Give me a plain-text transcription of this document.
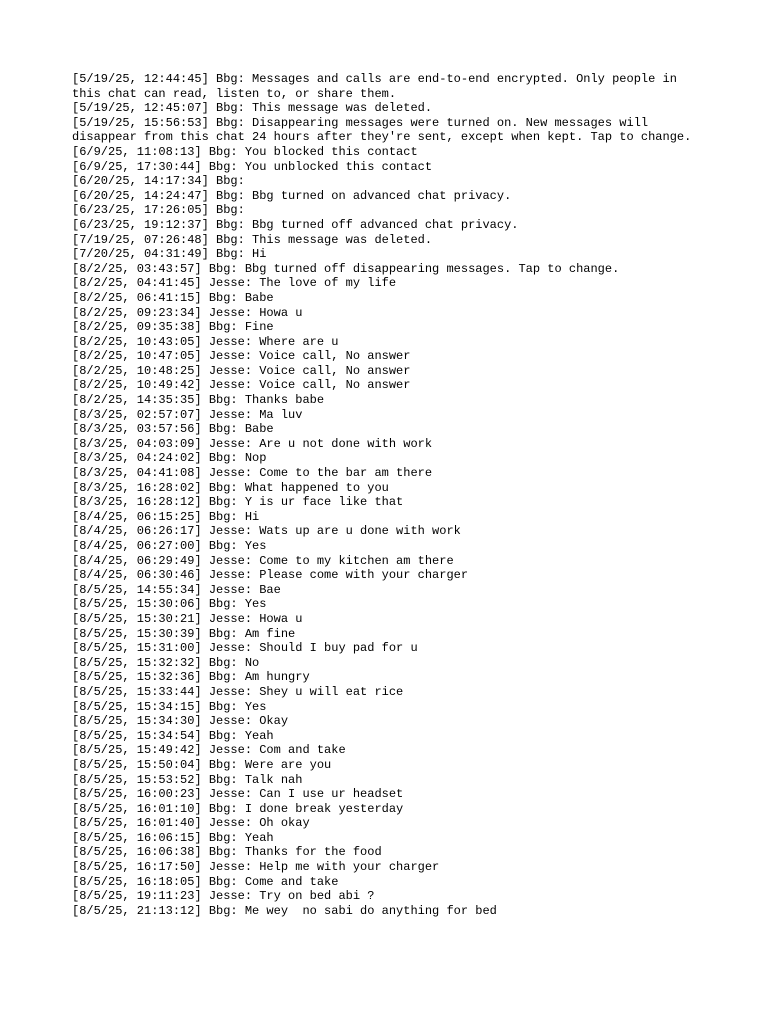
[5/19/25, 12:44:45] Bbg: Messages and calls are end-to-end encrypted. Only people in this chat can read, listen to, or share them.
[5/19/25, 12:45:07] Bbg: This message was deleted.
[5/19/25, 15:56:53] Bbg: Disappearing messages were turned on. New messages will disappear from this chat 24 hours after they're sent, except when kept. Tap to change.
[6/9/25, 11:08:13] Bbg: You blocked this contact
[6/9/25, 17:30:44] Bbg: You unblocked this contact
[6/20/25, 14:17:34] Bbg:
[6/20/25, 14:24:47] Bbg: Bbg turned on advanced chat privacy.
[6/23/25, 17:26:05] Bbg:
[6/23/25, 19:12:37] Bbg: Bbg turned off advanced chat privacy.
[7/19/25, 07:26:48] Bbg: This message was deleted.
[7/20/25, 04:31:49] Bbg: Hi
[8/2/25, 03:43:57] Bbg: Bbg turned off disappearing messages. Tap to change.
[8/2/25, 04:41:45] Jesse: The love of my life
[8/2/25, 06:41:15] Bbg: Babe
[8/2/25, 09:23:34] Jesse: Howa u
[8/2/25, 09:35:38] Bbg: Fine
[8/2/25, 10:43:05] Jesse: Where are u
[8/2/25, 10:47:05] Jesse: Voice call, No answer
[8/2/25, 10:48:25] Jesse: Voice call, No answer
[8/2/25, 10:49:42] Jesse: Voice call, No answer
[8/2/25, 14:35:35] Bbg: Thanks babe
[8/3/25, 02:57:07] Jesse: Ma luv
[8/3/25, 03:57:56] Bbg: Babe
[8/3/25, 04:03:09] Jesse: Are u not done with work
[8/3/25, 04:24:02] Bbg: Nop
[8/3/25, 04:41:08] Jesse: Come to the bar am there
[8/3/25, 16:28:02] Bbg: What happened to you
[8/3/25, 16:28:12] Bbg: Y is ur face like that
[8/4/25, 06:15:25] Bbg: Hi
[8/4/25, 06:26:17] Jesse: Wats up are u done with work
[8/4/25, 06:27:00] Bbg: Yes
[8/4/25, 06:29:49] Jesse: Come to my kitchen am there
[8/4/25, 06:30:46] Jesse: Please come with your charger
[8/5/25, 14:55:34] Jesse: Bae
[8/5/25, 15:30:06] Bbg: Yes
[8/5/25, 15:30:21] Jesse: Howa u
[8/5/25, 15:30:39] Bbg: Am fine
[8/5/25, 15:31:00] Jesse: Should I buy pad for u
[8/5/25, 15:32:32] Bbg: No
[8/5/25, 15:32:36] Bbg: Am hungry
[8/5/25, 15:33:44] Jesse: Shey u will eat rice
[8/5/25, 15:34:15] Bbg: Yes
[8/5/25, 15:34:30] Jesse: Okay
[8/5/25, 15:34:54] Bbg: Yeah
[8/5/25, 15:49:42] Jesse: Com and take
[8/5/25, 15:50:04] Bbg: Were are you
[8/5/25, 15:53:52] Bbg: Talk nah
[8/5/25, 16:00:23] Jesse: Can I use ur headset
[8/5/25, 16:01:10] Bbg: I done break yesterday
[8/5/25, 16:01:40] Jesse: Oh okay
[8/5/25, 16:06:15] Bbg: Yeah
[8/5/25, 16:06:38] Bbg: Thanks for the food
[8/5/25, 16:17:50] Jesse: Help me with your charger
[8/5/25, 16:18:05] Bbg: Come and take
[8/5/25, 19:11:23] Jesse: Try on bed abi ?
[8/5/25, 21:13:12] Bbg: Me wey  no sabi do anything for bed
